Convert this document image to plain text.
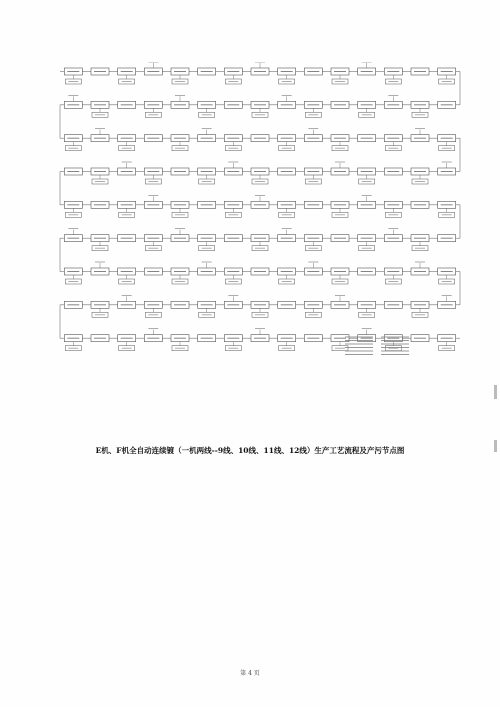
E机、F机全自动连续镀（一机两线--9线、10线、11线、12线）生产工艺流程及产污节点图
第 4 页
